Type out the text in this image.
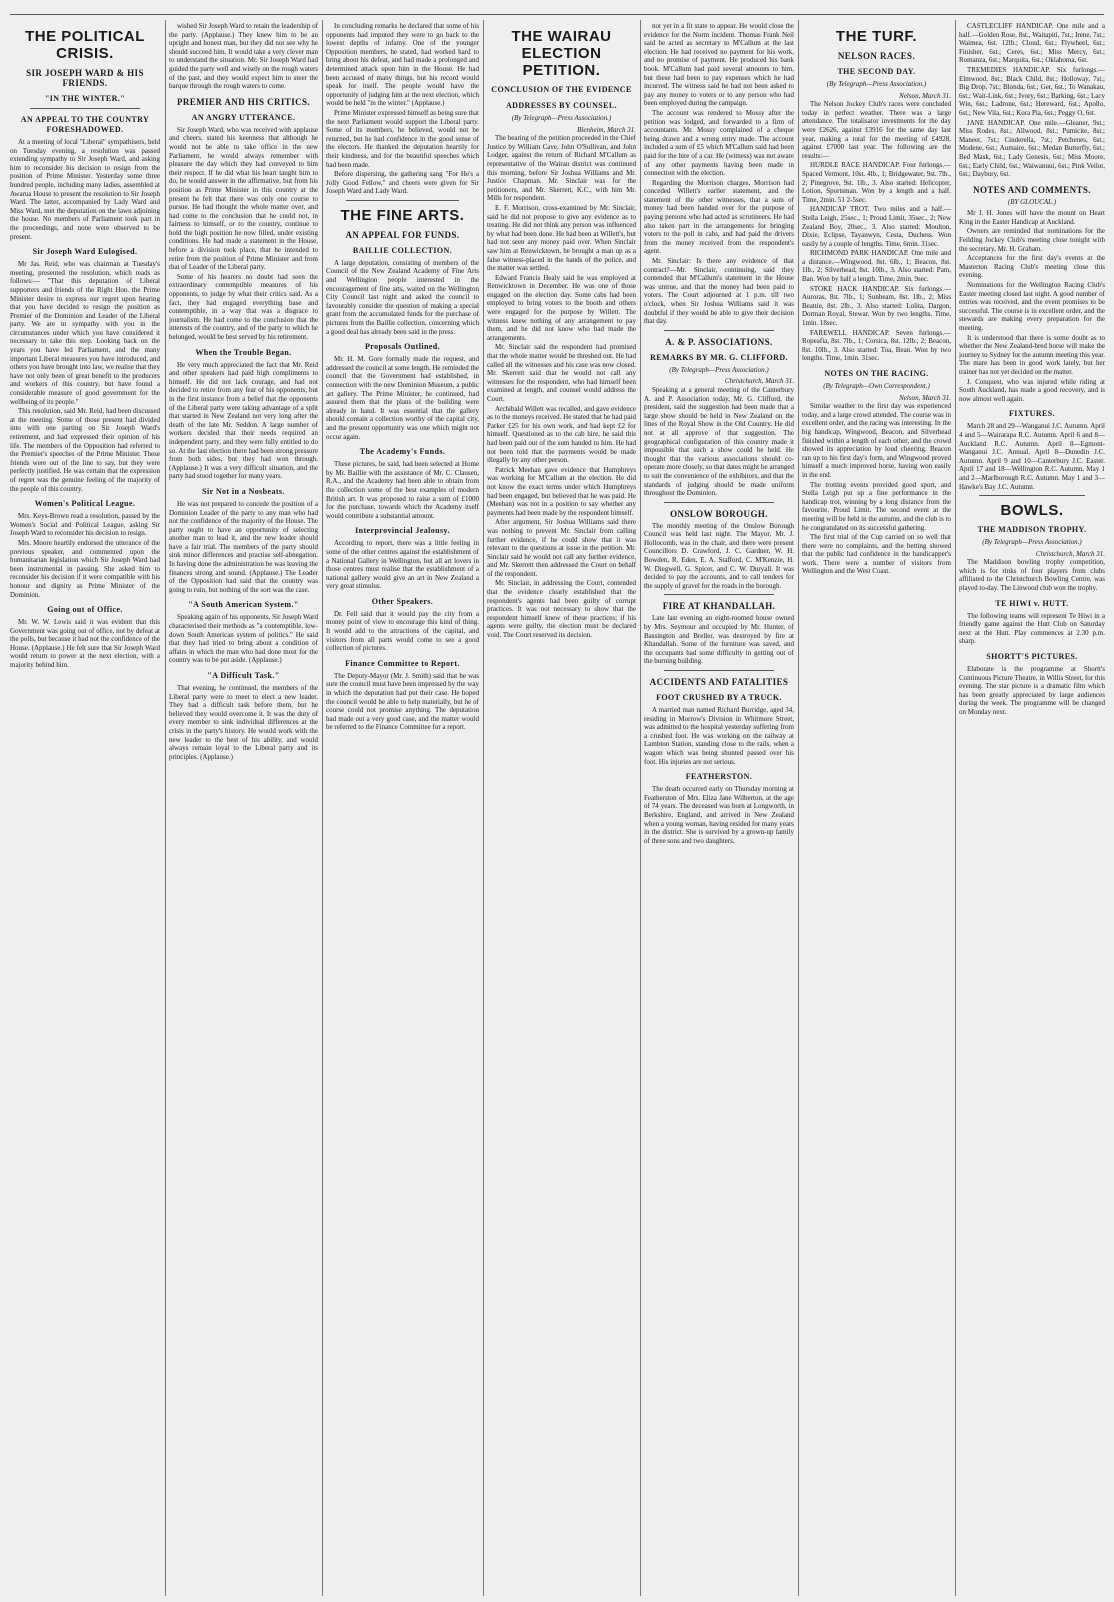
THE POLITICAL CRISIS.
SIR JOSEPH WARD & HIS FRIENDS.
"IN THE WINTER."
AN APPEAL TO THE COUNTRY FORESHADOWED.

At a meeting of local "Liberal" sympathisers, held on Tuesday evening, a resolution was passed extending sympathy to Sir Joseph Ward, and asking him to reconsider his decision to resign from the position of Prime Minister. Yesterday some three hundred people, including many ladies, assembled at Awarua House to present the resolution to Sir Joseph Ward. The latter, accompanied by Lady Ward and Miss Ward, met the deputation on the lawn adjoining the house. No members of Parliament took part in the proceedings, and none were observed to be present.

Sir Joseph Ward Eulogised.

Mr Jas. Reid, who was chairman at Tuesday's meeting, presented the resolution, which reads as follows:— "That this deputation of Liberal supporters and friends of the Right Hon. the Prime Minister desire to express our regret upon hearing that you have decided to resign the position as Premier of the Dominion and Leader of the Liberal party. We are in sympathy with you in the circumstances under which you have considered it necessary to take this step. Looking back on the years you have led Parliament, and the many important Liberal measures you have introduced, and others you have brought into law, we realise that they have not only been of great benefit to the producers and workers of this country, but have found a considerable measure of good government for the wellbeing of its people."

This resolution, said Mr. Reid, had been discussed at the meeting. Some of those present had divided into with one parting on Sir Joseph Ward's retirement, and had expressed their opinion of his life. The members of the Opposition had referred to the Premier's speeches of the Prime Minister. These friends were out of the line to say, but they were perfectly justified. He was certain that the expression of regret was the genuine feeling of the majority of the people of this country.

Women's Political League.

Mrs. Keys-Brown read a resolution, passed by the Women's Social and Political League, asking Sir Joseph Ward to reconsider his decision to resign.

Mrs. Moore heartily endorsed the utterance of the previous speaker, and commented upon the humanitarian legislation which Sir Joseph Ward had been instrumental in passing. She asked him to reconsider his decision if it were compatible with his honour and dignity as Prime Minister of the Dominion.

Going out of Office.

Mr. W. W. Lewis said it was evident that this Government was going out of office, not by defeat at the polls, but because it had not the confidence of the House. (Applause.) He felt sure that Sir Joseph Ward would return to power at the next election, with a majority behind him.

wished Sir Joseph Ward to retain the leadership of the party. (Applause.) They knew him to be an upright and honest man, but they did not see why he should succeed him. It would take a very clever man to understand the situation. Mr. Sir Joseph Ward had guided the party well and wisely on the rough waters of the past, and they would expect him to steer the barque through the rough waters to come.

PREMIER AND HIS CRITICS.
AN ANGRY UTTERANCE.

Sir Joseph Ward, who was received with applause and cheers, stated his keenness that although he would not be able to take office in the new Parliament, he would always remember with pleasure the day which they had conveyed to him their respect. If he did what his heart taught him to do, he would answer in the affirmative, but from his position as Prime Minister in this country at the present he felt that there was only one course to pursue. He had thought the whole matter over, and had come to the conclusion that he could not, in fairness to himself, or to the country, continue to hold the high position he now filled, under existing conditions. He had made a statement in the House, before a division took place, that he intended to retire from the position of Prime Minister and from that of Leader of the Liberal party.

Some of his hearers no doubt had seen the extraordinary contemptible measures of his opponents, to judge by what their critics said. As a fact, they had engaged everything base and contemptible, in a way that was a disgrace to journalism. He had come to the conclusion that the interests of the country, and of the party to which he belonged, would be best served by his retirement.

When the Trouble Began.

He very much appreciated the fact that Mr. Reid and other speakers had paid high compliments to himself. He did not lack courage, and had not decided to retire from any fear of his opponents, but in the first instance from a belief that the opponents of the Liberal party were taking advantage of a split that started in New Zealand not very long after the death of the late Mr. Seddon. A large number of workers decided that their needs required an independent party, and they were fully entitled to do so. At the last election there had been strong pressure from both sides, but they had won through. (Applause.) It was a very difficult situation, and the party had stood together for many years.

Sir Not in a Nosbeats.

He was not prepared to concede the position of a Dominion Leader of the party to any man who had not the confidence of the majority of the House. The party ought to have an opportunity of selecting another man to lead it, and the new leader should have a fair trial. The members of the party should sink minor differences and practise self-abnegation. In having done the administration he was leaving the finances strong and sound. (Applause.) The Leader of the Opposition had said that the country was going to ruin, but nothing of the sort was the case.

"A South American System."

Speaking again of his opponents, Sir Joseph Ward characterised their methods as "a contemptible, low-down South American system of politics." He said that they had tried to bring about a condition of affairs in which the man who had done most for the country was to be put aside. (Applause.)

"A Difficult Task."

That evening, he continued, the members of the Liberal party were to meet to elect a new leader. They had a difficult task before them, but he believed they would overcome it. It was the duty of every member to sink individual differences at the crisis in the party's history. He would work with the new leader to the best of his ability, and would always remain loyal to the Liberal party and its principles. (Applause.)

In concluding remarks he declared that some of his opponents had imputed they were to go back to the lowest depths of infamy. One of the younger Opposition members, he stated, had worked hard to bring about his defeat, and had made a prolonged and determined attack upon him in the House. He had been accused of many things, but his record would speak for itself. The people would have the opportunity of judging him at the next election, which would be held "in the winter." (Applause.)

Prime Minister expressed himself as being sure that the next Parliament would support the Liberal party. Some of its members, he believed, would not be returned, but he had confidence in the good sense of the electors. He thanked the deputation heartily for their kindness, and for the beautiful speeches which had been made.

Before dispersing, the gathering sang "For He's a Jolly Good Fellow," and cheers were given for Sir Joseph Ward and Lady Ward.

THE FINE ARTS.
AN APPEAL FOR FUNDS.
BAILLIE COLLECTION.

A large deputation, consisting of members of the Council of the New Zealand Academy of Fine Arts and Wellington people interested in the encouragement of fine arts, waited on the Wellington City Council last night and asked the council to favourably consider the question of making a special grant from the accumulated funds for the purchase of pictures from the Baillie collection, concerning which a good deal has already been said in the press.

Proposals Outlined.

Mr. H. M. Gore formally made the request, and addressed the council at some length. He reminded the council that the Government had established, in connection with the new Dominion Museum, a public art gallery. The Prime Minister, he continued, had assured them that the plans of the building were already in hand. It was essential that the gallery should contain a collection worthy of the capital city, and the present opportunity was one which might not occur again.

The Academy's Funds.

These pictures, he said, had been selected at Home by Mr. Baillie with the assistance of Mr. C. Clausen, R.A., and the Academy had been able to obtain from the collection some of the best examples of modern British art. It was proposed to raise a sum of £1000 for the purchase, towards which the Academy itself would contribute a substantial amount.

Interprovincial Jealousy.

According to report, there was a little feeling in some of the other centres against the establishment of a National Gallery in Wellington, but all art lovers in those centres must realise that the establishment of a national gallery would give an art in New Zealand a very great stimulus.

Other Speakers.

Dr. Fell said that it would pay the city from a money point of view to encourage this kind of thing. It would add to the attractions of the capital, and visitors from all parts would come to see a good collection of pictures.

Finance Committee to Report.

The Deputy-Mayor (Mr. J. Smith) said that he was sure the council must have been impressed by the way in which the deputation had put their case. He hoped the council would be able to help materially, but he of course could not promise anything. The deputation had made out a very good case, and the matter would be referred to the Finance Committee for a report.

THE WAIRAU ELECTION PETITION.
CONCLUSION OF THE EVIDENCE
ADDRESSES BY COUNSEL.
(By Telegraph—Press Association.)
Blenheim, March 31.

The hearing of the petition proceeded in the Chief Justice by William Cave, John O'Sullivan, and John Lodger, against the return of Richard M'Callum as representative of the Wairau district was continued this morning, before Sir Joshua Williams and Mr. Justice Chapman. Mr. Sinclair was for the petitioners, and Mr. Skerrett, K.C., with him Mr. Mills for respondent.

E. F. Morrison, cross-examined by Mr. Sinclair, said he did not propose to give any evidence as to treating. He did not think any person was influenced by what had been done. He had been at Willett's, but had not seen any money paid over. When Sinclair saw him at Renwicktown, he brought a man up as a false witness-placed in the hands of the police, and the matter was settled.

Edward Francis Healy said he was employed at Renwicktown in December. He was one of those engaged on the election day. Some cabs had been employed to bring voters to the booth and others were engaged for the purpose by Willett. The witness knew nothing of any arrangement to pay them, and he did not know who had made the arrangements.

Mr. Sinclair said the respondent had promised that the whole matter would be threshed out. He had called all the witnesses and his case was now closed. Mr. Skerrett said that he would not call any witnesses for the respondent, who had himself been examined at length, and counsel would address the Court.

Archibald Willett was recalled, and gave evidence as to the moneys received. He stated that he had paid Parker £25 for his own work, and had kept £2 for himself. Questioned as to the cab hire, he said this had been paid out of the sum handed to him. He had not been told that the payments would be made illegally by any other person.

Patrick Meehan gave evidence that Humphreys was working for M'Callum at the election. He did not know the exact terms under which Humphreys had been engaged, but believed that he was paid. He (Meehan) was not in a position to say whether any payments had been made by the respondent himself.

After argument, Sir Joshua Williams said there was nothing to prevent Mr. Sinclair from calling further evidence, if he could show that it was relevant to the questions at issue in the petition. Mr. Sinclair said he would not call any further evidence, and Mr. Skerrett then addressed the Court on behalf of the respondent.

Mr. Sinclair, in addressing the Court, contended that the evidence clearly established that the respondent's agents had been guilty of corrupt practices. It was not necessary to show that the respondent himself knew of these practices; if his agents were guilty, the election must be declared void. The Court reserved its decision.

not yet in a fit state to appear. He would close the evidence for the Norm incident. Thomas Frank Neil said he acted as secretary to M'Callum at the last election. He had received no payment for his work, and no promise of payment. He produced his bank book. M'Callum had paid several amounts to him, but these had been to pay expenses which he had incurred. The witness said he had not been asked to pay any money to voters or to any person who had been employed during the campaign.

The account was rendered to Mossy after the petition was lodged, and forwarded to a firm of accountants. Mr. Mossy complained of a cheque being drawn and a wrong entry made. The account included a sum of £5 which M'Callum said had been paid for the hire of a car. He (witness) was not aware of any other payments having been made in connection with the election.

Regarding the Morrison charges, Morrison had conceded Willett's earlier statement, and the statement of the other witnesses, that a sum of money had been handed over for the purpose of paying persons who had acted as scrutineers. He had also taken part in the arrangements for bringing voters to the poll in cabs, and had paid the drivers from the money received from the respondent's agent.

Mr. Sinclair: Is there any evidence of that contract?—Mr. Sinclair, continuing, said they contended that M'Callum's statement in the House was untrue, and that the money had been paid to voters. The Court adjourned at 1 p.m. till two o'clock, when Sir Joshua Williams said it was doubtful if they would be able to give their decision that day.

A. & P. ASSOCIATIONS.
REMARKS BY MR. G. CLIFFORD.
(By Telegraph—Press Association.)
Christchurch, March 31.

Speaking at a general meeting of the Canterbury A. and P. Association today, Mr. G. Clifford, the president, said the suggestion had been made that a large show should be held in New Zealand on the lines of the Royal Show in the Old Country. He did not at all approve of that suggestion. The geographical configuration of this country made it impossible that such a show could be held. He thought that the various associations should co-operate more closely, so that dates might be arranged to suit the convenience of the exhibitors, and that the standards of judging should be made uniform throughout the Dominion.

ONSLOW BOROUGH.

The monthly meeting of the Onslow Borough Council was held last night. The Mayor, Mr. J. Hollocomb, was in the chair, and there were present Councillors D. Crawford, J. C. Gardner, W. H. Bowden, R. Eden, E. A. Stafford, C. M'Kenzie, H. W. Diegwell, G. Spicer, and C. W. Duryall. It was decided to pay the accounts, and to call tenders for the supply of gravel for the roads in the borough.

FIRE AT KHANDALLAH.

Late last evening an eight-roomed house owned by Mrs. Seymour and occupied by Mr. Hunter, of Bassington and Breller, was destroyed by fire at Khandallah. Some of the furniture was saved, and the occupants had some difficulty in getting out of the burning building.

ACCIDENTS AND FATALITIES
FOOT CRUSHED BY A TRUCK.

A married man named Richard Burridge, aged 34, residing in Morrow's Division in Whitmore Street, was admitted to the hospital yesterday suffering from a crushed foot. He was working on the railway at Lambton Station, standing close to the rails, when a wagon which was being shunted passed over his foot. His injuries are not serious.

FEATHERSTON.

The death occurred early on Thursday morning at Featherston of Mrs. Eliza Jane Wilberton, at the age of 74 years. The deceased was born at Longworth, in Berkshire, England, and arrived in New Zealand when a young woman, having resided for many years in the district. She is survived by a grown-up family of three sons and two daughters.

THE TURF.
NELSON RACES.
THE SECOND DAY.
(By Telegraph—Press Association.)
Nelson, March 31.

The Nelson Jockey Club's races were concluded today in perfect weather. There was a large attendance. The totalisator investments for the day were £2626, against £3916 for the same day last year, making a total for the meeting of £4928, against £7000 last year. The following are the results:—

HURDLE RACE HANDICAP. Four furlongs.—Spaced Vermont, 10st. 4lb., 1; Bridgewater, 9st. 7lb., 2; Pinegrove, 9st. 1lb., 3. Also started: Helicopter, Lotion, Sportsman. Won by a length and a half. Time, 2min. 51 2-5sec.

HANDICAP TROT. Two miles and a half.—Stella Leigh, 25sec., 1; Proud Limit, 35sec., 2; New Zealand Boy, 20sec., 3. Also started: Moulton, Dixie, Eclipse, Tayanwyn, Cesta, Duchess. Won easily by a couple of lengths. Time, 6min. 31sec.

RICHMOND PARK HANDICAP. One mile and a distance.—Wingwood, 8st. 6lb., 1; Beacon, 8st. 1lb., 2; Silverhead, 8st. 10lb., 3. Also started: Pam, Ban. Won by half a length. Time, 2min. 9sec.

STOKE HACK HANDICAP. Six furlongs.—Auroras, 8st. 7lb., 1; Sunbeam, 8st. 1lb., 2; Miss Beattie, 8st. 2lb., 3. Also started: Lolita, Dargon, Dorman Royal, Stewar. Won by two lengths. Time, 1min. 18sec.

FAREWELL HANDICAP. Seven furlongs.—Ropeafia, 8st. 7lb., 1; Corsica, 8st. 12lb., 2; Beacon, 8st. 10lb., 3. Also started: Toa, Bean. Won by two lengths. Time, 1min. 31sec.

NOTES ON THE RACING.
(By Telegraph—Own Correspondent.)
Nelson, March 31.

Similar weather to the first day was experienced today, and a large crowd attended. The course was in excellent order, and the racing was interesting. In the big handicap, Wingwood, Beacon, and Silverhead finished within a length of each other, and the crowd showed its appreciation by loud cheering. Beacon ran up to his first day's form, and Wingwood proved himself a much improved horse, having won easily in the end.

The trotting events provided good sport, and Stella Leigh put up a fine performance in the handicap trot, winning by a long distance from the favourite, Proud Limit. The second event at the meeting will be held in the autumn, and the club is to be congratulated on its successful gathering.

The first trial of the Cup carried on so well that there were no complaints, and the betting showed that the public had confidence in the handicapper's work. There were a number of visitors from Wellington and the West Coast.

CASTLECLIFF HANDICAP. One mile and a half.—Golden Rose, 8st., Waitapiti, 7st.; Irene, 7st.; Waimea, 6st. 12lb.; Cloud, 6st.; Flywheel, 6st.; Finisher, 6st.; Ceres, 6st.; Miss Mercy, 6st.; Romanza, 6st.; Marquita, 6st.; Oklahoma, 6st.

TREMEDIES HANDICAP. Six furlongs.—Elmwood, 8st.; Black Child, 8st.; Holloway, 7st.; Big Drop, 7st.; Blonda, 6st.; Ger, 6st.; To Wanakau, 6st.; Wait-Link, 6st.; Ivory, 6st.; Barking, 6st.; Lacy Win, 6st.; Ladrone, 6st.; Hereward, 6st.; Apollo, 6st.; New Vila, 6st.; Kora Pia, 6st.; Peggy O, 6st.

JANE HANDICAP. One mile.—Gleaner, 9st.; Miss Rodes, 8st.; Allwood, 8st.; Pumicite, 8st.; Maneer, 7st.; Cinderella, 7st.; Petchenes, 6st.; Modene, 6st.; Aumaire, 6st.; Medan Butterfly, 6st.; Bed Mask, 6st.; Lady Genesis, 6st.; Miss Moore, 6st.; Early Child, 6st.; Waiwanuui, 6st.; Pink Veilot, 6st.; Daybury, 6st.

NOTES AND COMMENTS.
(BY GLOUCAL.)

Mr J. H. Jones will have the mount on Heart King in the Easter Handicap at Auckland.

Owners are reminded that nominations for the Feilding Jockey Club's meeting close tonight with the secretary, Mr. H. Graham.

Acceptances for the first day's events at the Masterton Racing Club's meeting close this evening.

Nominations for the Wellington Racing Club's Easter meeting closed last night. A good number of entries was received, and the event promises to be successful. The course is in excellent order, and the stewards are making every preparation for the meeting.

It is understood that there is some doubt as to whether the New Zealand-bred horse will make the journey to Sydney for the autumn meeting this year. The mare has been in good work lately, but her trainer has not yet decided on the matter.

J. Conquest, who was injured while riding at South Auckland, has made a good recovery, and is now almost well again.

FIXTURES.

March 28 and 29—Wanganui J.C. Autumn. April 4 and 5—Wairarapa R.C. Autumn. April 6 and 8—Auckland R.C. Autumn. April 8—Egmont-Wanganui J.C. Annual. April 8—Dunedin J.C. Autumn. April 9 and 10—Canterbury J.C. Easter. April 17 and 18—Wellington R.C. Autumn. May 1 and 2—Marlborough R.C. Autumn. May 1 and 3—Hawke's Bay J.C. Autumn.

BOWLS.
THE MADDISON TROPHY.
(By Telegraph—Press Association.)
Christchurch, March 31.

The Maddison bowling trophy competition, which is for rinks of four players from clubs affiliated to the Christchurch Bowling Centre, was played to-day. The Linwood club won the trophy.

TE HIWI v. HUTT.

The following teams will represent Te Hiwi in a friendly game against the Hutt Club on Saturday next at the Hutt. Play commences at 2.30 p.m. sharp.

SHORTT'S PICTURES.

Elaborate is the programme at Shortt's Continuous Picture Theatre, in Willis Street, for this evening. The star picture is a dramatic film which has been greatly appreciated by large audiences during the week. The programme will be changed on Monday next.
